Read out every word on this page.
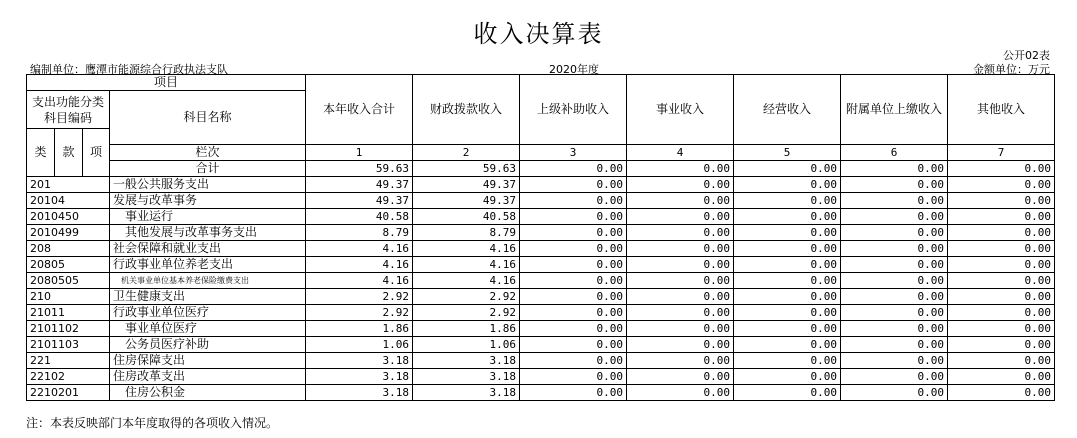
收入决算表
公开02表
编制单位：鹰潭市能源综合行政执法支队	2020年度	金额单位：万元
项目				本年收入合计	财政拨款收入	上级补助收入	事业收入	经营收入	附属单位上缴收入	其他收入

支出功能分类
科目编码			科目名称							
类	款	项								
			栏次	1	2	3	4	5	6	7
			合计	59.63	59.63	0.00	0.00	0.00	0.00	0.00
201			一般公共服务支出	49.37	49.37	0.00	0.00	0.00	0.00	0.00
20104			发展与改革事务	49.37	49.37	0.00	0.00	0.00	0.00	0.00
2010450			　事业运行	40.58	40.58	0.00	0.00	0.00	0.00	0.00
2010499			　其他发展与改革事务支出	8.79	8.79	0.00	0.00	0.00	0.00	0.00
208			社会保障和就业支出	4.16	4.16	0.00	0.00	0.00	0.00	0.00
20805			行政事业单位养老支出	4.16	4.16	0.00	0.00	0.00	0.00	0.00
2080505			　机关事业单位基本养老保险缴费支出	4.16	4.16	0.00	0.00	0.00	0.00	0.00
210			卫生健康支出	2.92	2.92	0.00	0.00	0.00	0.00	0.00
21011			行政事业单位医疗	2.92	2.92	0.00	0.00	0.00	0.00	0.00
2101102			　事业单位医疗	1.86	1.86	0.00	0.00	0.00	0.00	0.00
2101103			　公务员医疗补助	1.06	1.06	0.00	0.00	0.00	0.00	0.00
221			住房保障支出	3.18	3.18	0.00	0.00	0.00	0.00	0.00
22102			住房改革支出	3.18	3.18	0.00	0.00	0.00	0.00	0.00
2210201			　住房公积金	3.18	3.18	0.00	0.00	0.00	0.00	0.00
注：本表反映部门本年度取得的各项收入情况。
